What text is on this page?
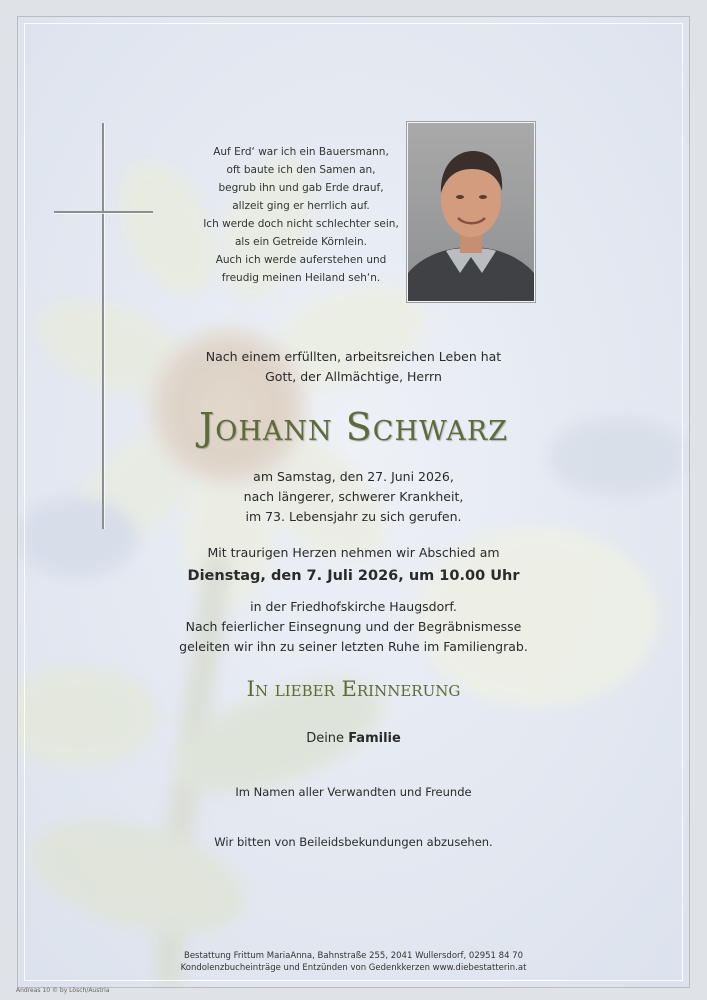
Auf Erd‘ war ich ein Bauersmann,
oft baute ich den Samen an,
begrub ihn und gab Erde drauf,
allzeit ging er herrlich auf.
Ich werde doch nicht schlechter sein,
als ein Getreide Körnlein.
Auch ich werde auferstehen und
freudig meinen Heiland seh‘n.
Nach einem erfüllten, arbeitsreichen Leben hat
Gott, der Allmächtige, Herrn
Johann Schwarz
am Samstag, den 27. Juni 2026,
nach längerer, schwerer Krankheit,
im 73. Lebensjahr zu sich gerufen.
Mit traurigen Herzen nehmen wir Abschied am
Dienstag, den 7. Juli 2026, um 10.00 Uhr
in der Friedhofskirche Haugsdorf.
Nach feierlicher Einsegnung und der Begräbnismesse
geleiten wir ihn zu seiner letzten Ruhe im Familiengrab.
In lieber Erinnerung
Deine Familie
Im Namen aller Verwandten und Freunde
Wir bitten von Beileidsbekundungen abzusehen.
Bestattung Frittum MariaAnna, Bahnstraße 255, 2041 Wullersdorf, 02951 84 70
Kondolenzbucheinträge und Entzünden von Gedenkkerzen www.diebestatterin.at
Andreas 10 © by Lösch/Austria
